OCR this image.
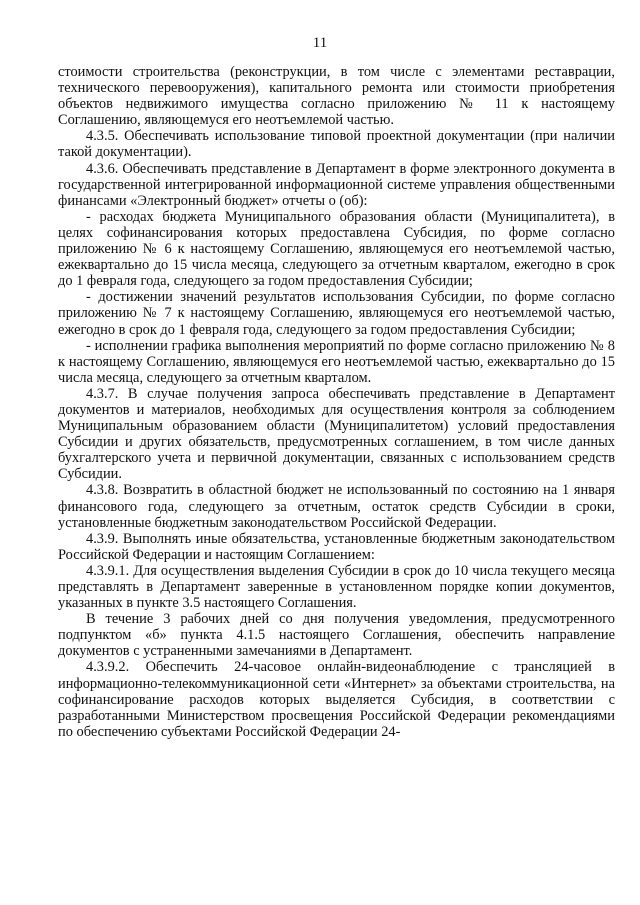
11

стоимости строительства (реконструкции, в том числе с элементами реставрации, технического перевооружения), капитального ремонта или стоимости приобретения объектов недвижимого имущества согласно приложению № 11 к настоящему Соглашению, являющемуся его неотъемлемой частью.

4.3.5. Обеспечивать использование типовой проектной документации (при наличии такой документации).

4.3.6. Обеспечивать представление в Департамент в форме электронного документа в государственной интегрированной информационной системе управления общественными финансами «Электронный бюджет» отчеты о (об):

- расходах бюджета Муниципального образования области (Муниципалитета), в целях софинансирования которых предоставлена Субсидия, по форме согласно приложению № 6 к настоящему Соглашению, являющемуся его неотъемлемой частью, ежеквартально до 15 числа месяца, следующего за отчетным кварталом, ежегодно в срок до 1 февраля года, следующего за годом предоставления Субсидии;

- достижении значений результатов использования Субсидии, по форме согласно приложению № 7 к настоящему Соглашению, являющемуся его неотъемлемой частью, ежегодно в срок до 1 февраля года, следующего за годом предоставления Субсидии;

- исполнении графика выполнения мероприятий по форме согласно приложению № 8 к настоящему Соглашению, являющемуся его неотъемлемой частью, ежеквартально до 15 числа месяца, следующего за отчетным кварталом.

4.3.7. В случае получения запроса обеспечивать представление в Департамент документов и материалов, необходимых для осуществления контроля за соблюдением Муниципальным образованием области (Муниципалитетом) условий предоставления Субсидии и других обязательств, предусмотренных соглашением, в том числе данных бухгалтерского учета и первичной документации, связанных с использованием средств Субсидии.

4.3.8. Возвратить в областной бюджет не использованный по состоянию на 1 января финансового года, следующего за отчетным, остаток средств Субсидии в сроки, установленные бюджетным законодательством Российской Федерации.

4.3.9. Выполнять иные обязательства, установленные бюджетным законодательством Российской Федерации и настоящим Соглашением:

4.3.9.1. Для осуществления выделения Субсидии в срок до 10 числа текущего месяца представлять в Департамент заверенные в установленном порядке копии документов, указанных в пункте 3.5 настоящего Соглашения.

В течение 3 рабочих дней со дня получения уведомления, предусмотренного подпунктом «б» пункта 4.1.5 настоящего Соглашения, обеспечить направление документов с устраненными замечаниями в Департамент.

4.3.9.2. Обеспечить 24-часовое онлайн-видеонаблюдение с трансляцией в информационно-телекоммуникационной сети «Интернет» за объектами строительства, на софинансирование расходов которых выделяется Субсидия, в соответствии с разработанными Министерством просвещения Российской Федерации рекомендациями по обеспечению субъектами Российской Федерации 24-
